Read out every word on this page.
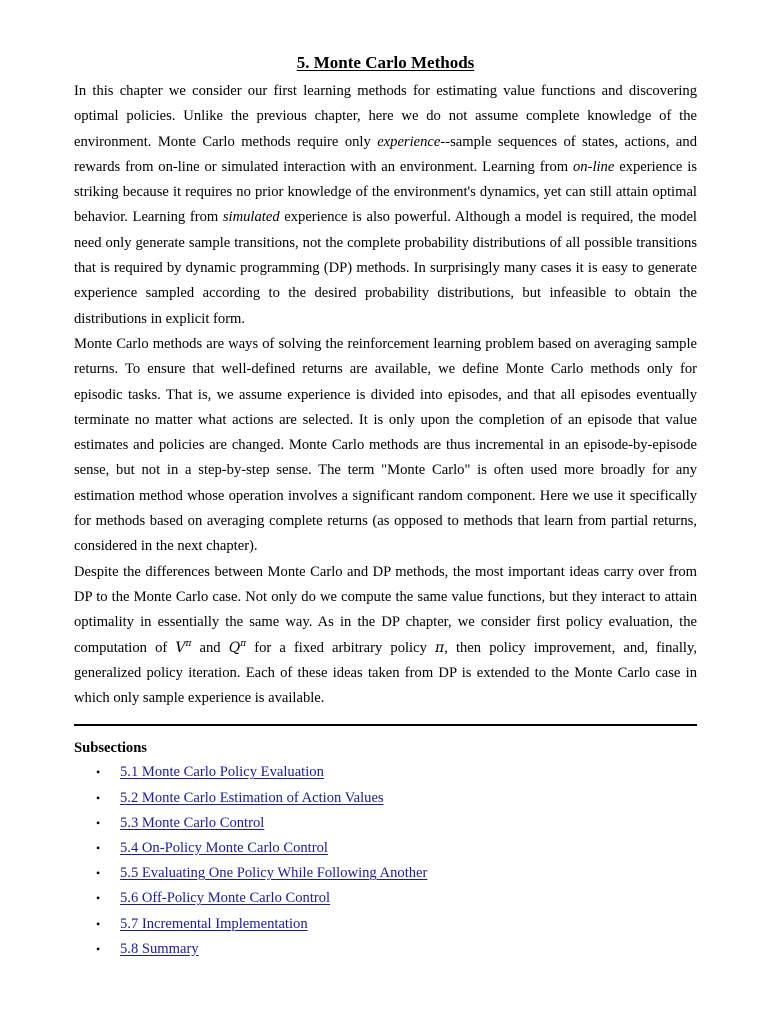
5. Monte Carlo Methods

In this chapter we consider our first learning methods for estimating value functions and discovering optimal policies. Unlike the previous chapter, here we do not assume complete knowledge of the environment. Monte Carlo methods require only experience--sample sequences of states, actions, and rewards from on-line or simulated interaction with an environment. Learning from on-line experience is striking because it requires no prior knowledge of the environment's dynamics, yet can still attain optimal behavior. Learning from simulated experience is also powerful. Although a model is required, the model need only generate sample transitions, not the complete probability distributions of all possible transitions that is required by dynamic programming (DP) methods. In surprisingly many cases it is easy to generate experience sampled according to the desired probability distributions, but infeasible to obtain the distributions in explicit form.

Monte Carlo methods are ways of solving the reinforcement learning problem based on averaging sample returns. To ensure that well-defined returns are available, we define Monte Carlo methods only for episodic tasks. That is, we assume experience is divided into episodes, and that all episodes eventually terminate no matter what actions are selected. It is only upon the completion of an episode that value estimates and policies are changed. Monte Carlo methods are thus incremental in an episode-by-episode sense, but not in a step-by-step sense. The term "Monte Carlo" is often used more broadly for any estimation method whose operation involves a significant random component. Here we use it specifically for methods based on averaging complete returns (as opposed to methods that learn from partial returns, considered in the next chapter).

Despite the differences between Monte Carlo and DP methods, the most important ideas carry over from DP to the Monte Carlo case. Not only do we compute the same value functions, but they interact to attain optimality in essentially the same way. As in the DP chapter, we consider first policy evaluation, the computation of $V^\pi$ and $Q^\pi$ for a fixed arbitrary policy π, then policy improvement, and, finally, generalized policy iteration. Each of these ideas taken from DP is extended to the Monte Carlo case in which only sample experience is available.

Subsections
• 5.1 Monte Carlo Policy Evaluation
• 5.2 Monte Carlo Estimation of Action Values
• 5.3 Monte Carlo Control
• 5.4 On-Policy Monte Carlo Control
• 5.5 Evaluating One Policy While Following Another
• 5.6 Off-Policy Monte Carlo Control
• 5.7 Incremental Implementation
• 5.8 Summary
